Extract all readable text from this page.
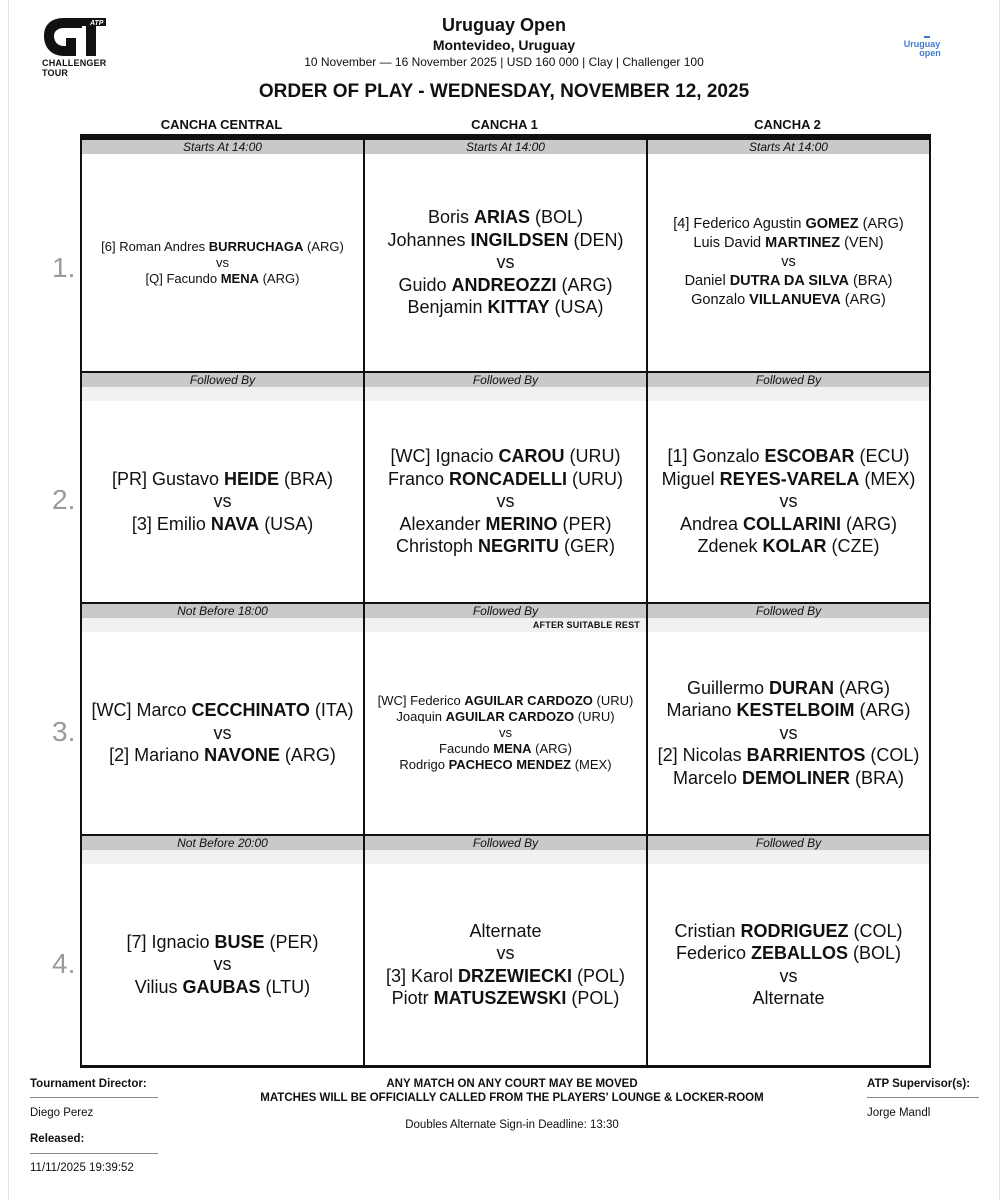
ATP
CHALLENGER
TOUR
Uruguay
open
Uruguay Open
Montevideo, Uruguay
10 November — 16 November 2025 | USD 160 000 | Clay | Challenger 100
ORDER OF PLAY - WEDNESDAY, NOVEMBER 12, 2025
CANCHA CENTRAL	CANCHA 1	CANCHA 2
Starts At 14:00
[6] Roman Andres BURRUCHAGA (ARG)
vs
[Q] Facundo MENA (ARG)
Followed By
[PR] Gustavo HEIDE (BRA)
vs
[3] Emilio NAVA (USA)
Not Before 18:00
[WC] Marco CECCHINATO (ITA)
vs
[2] Mariano NAVONE (ARG)
Not Before 20:00
[7] Ignacio BUSE (PER)
vs
Vilius GAUBAS (LTU)
Starts At 14:00
Boris ARIAS (BOL)
Johannes INGILDSEN (DEN)
vs
Guido ANDREOZZI (ARG)
Benjamin KITTAY (USA)
Followed By
[WC] Ignacio CAROU (URU)
Franco RONCADELLI (URU)
vs
Alexander MERINO (PER)
Christoph NEGRITU (GER)
Followed By
AFTER SUITABLE REST
[WC] Federico AGUILAR CARDOZO (URU)
Joaquin AGUILAR CARDOZO (URU)
vs
Facundo MENA (ARG)
Rodrigo PACHECO MENDEZ (MEX)
Followed By
Alternate
vs
[3] Karol DRZEWIECKI (POL)
Piotr MATUSZEWSKI (POL)
Starts At 14:00
[4] Federico Agustin GOMEZ (ARG)
Luis David MARTINEZ (VEN)
vs
Daniel DUTRA DA SILVA (BRA)
Gonzalo VILLANUEVA (ARG)
Followed By
[1] Gonzalo ESCOBAR (ECU)
Miguel REYES-VARELA (MEX)
vs
Andrea COLLARINI (ARG)
Zdenek KOLAR (CZE)
Followed By
Guillermo DURAN (ARG)
Mariano KESTELBOIM (ARG)
vs
[2] Nicolas BARRIENTOS (COL)
Marcelo DEMOLINER (BRA)
Followed By
Cristian RODRIGUEZ (COL)
Federico ZEBALLOS (BOL)
vs
Alternate
1.
2.
3.
4.
Tournament Director:
Diego Perez
Released:
11/11/2025 19:39:52
ANY MATCH ON ANY COURT MAY BE MOVED
MATCHES WILL BE OFFICIALLY CALLED FROM THE PLAYERS' LOUNGE & LOCKER-ROOM
Doubles Alternate Sign-in Deadline: 13:30
ATP Supervisor(s):
Jorge Mandl
